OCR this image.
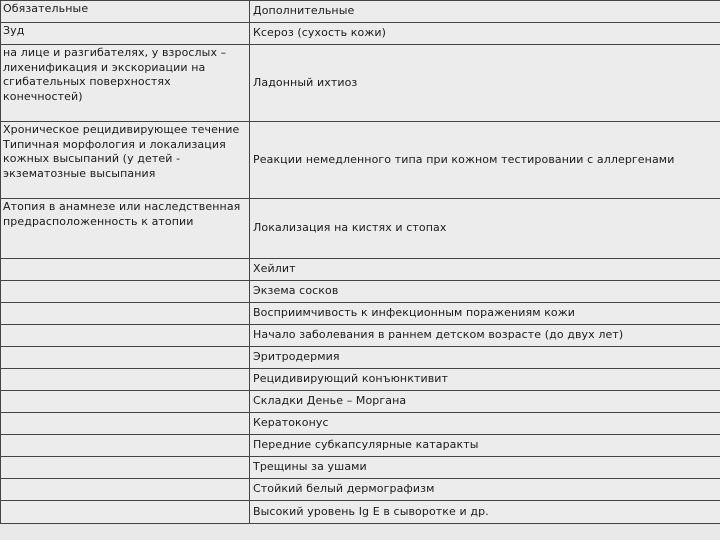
Обязательные	Дополнительные
Зуд	Ксероз (сухость кожи)
на лице и разгибателях, у взрослых – лихенификация и экскориации на сгибательных поверхностях конечностей)	Ладонный ихтиоз
Хроническое рецидивирующее течение Типичная морфология и локализация кожных высыпаний (у детей - экзематозные высыпания	Реакции немедленного типа при кожном тестировании с аллергенами
Атопия в анамнезе или наследственная предрасположенность к атопии	Локализация на кистях и стопах
	Хейлит
	Экзема сосков
	Восприимчивость к инфекционным поражениям кожи
	Начало заболевания в раннем детском возрасте (до двух лет)
	Эритродермия
	Рецидивирующий конъюнктивит
	Складки Денье – Моргана
	Кератоконус
	Передние субкапсулярные катаракты
	Трещины за ушами
	Стойкий белый дермографизм
	Высокий уровень Ig E в сыворотке и др.
